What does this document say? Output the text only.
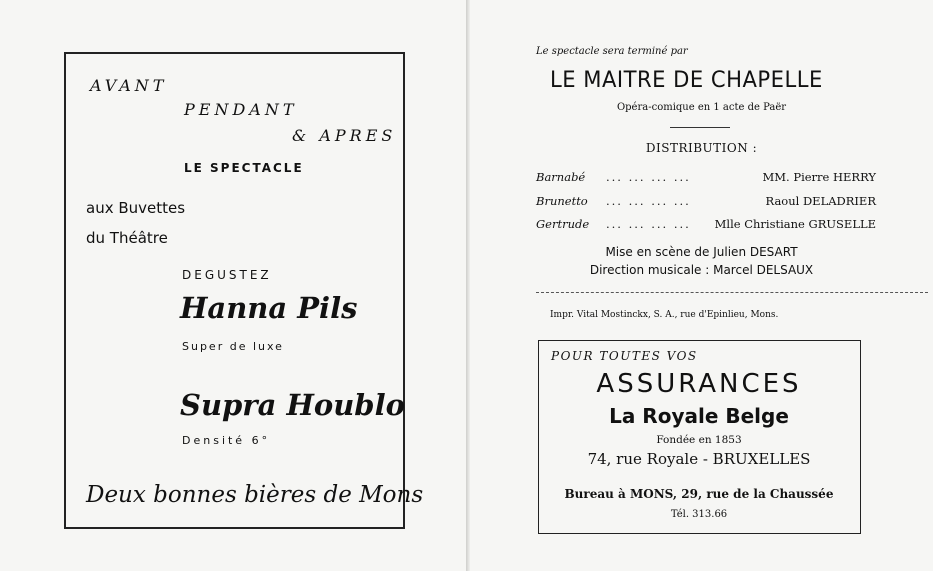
AVANT
PENDANT
& APRES
LE SPECTACLE
aux Buvettes
du Théâtre
DEGUSTEZ
Hanna Pils
Super de luxe
Supra Houblo
Densité 6°
Deux bonnes bières de Mons
Le spectacle sera terminé par
LE MAITRE DE CHAPELLE
Opéra-comique en 1 acte de Paër
DISTRIBUTION :
Barnabé ... ... ... ...	MM. Pierre HERRY
Brunetto ... ... ... ...	Raoul DELADRIER
Gertrude ... ... ... ... Mlle Christiane GRUSELLE
Mise en scène de Julien DESART
Direction musicale : Marcel DELSAUX
Impr. Vital Mostinckx, S. A., rue d'Epinlieu, Mons.
POUR TOUTES VOS
ASSURANCES
La Royale Belge
Fondée en 1853
74, rue Royale - BRUXELLES
Bureau à MONS, 29, rue de la Chaussée
Tél. 313.66
